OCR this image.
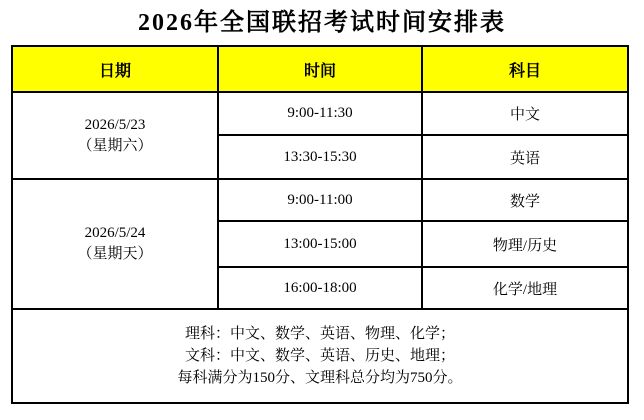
2026年全国联招考试时间安排表
日期	时间	科目

2026/5/23
（星期六）	9:00-11:30	中文
	13:30-15:30	英语

2026/5/24
（星期天）	9:00-11:00	数学
	13:00-15:00	物理/历史
	16:00-18:00	化学/地理

理科：中文、数学、英语、物理、化学；
文科：中文、数学、英语、历史、地理；
每科满分为150分、文理科总分均为750分。		
